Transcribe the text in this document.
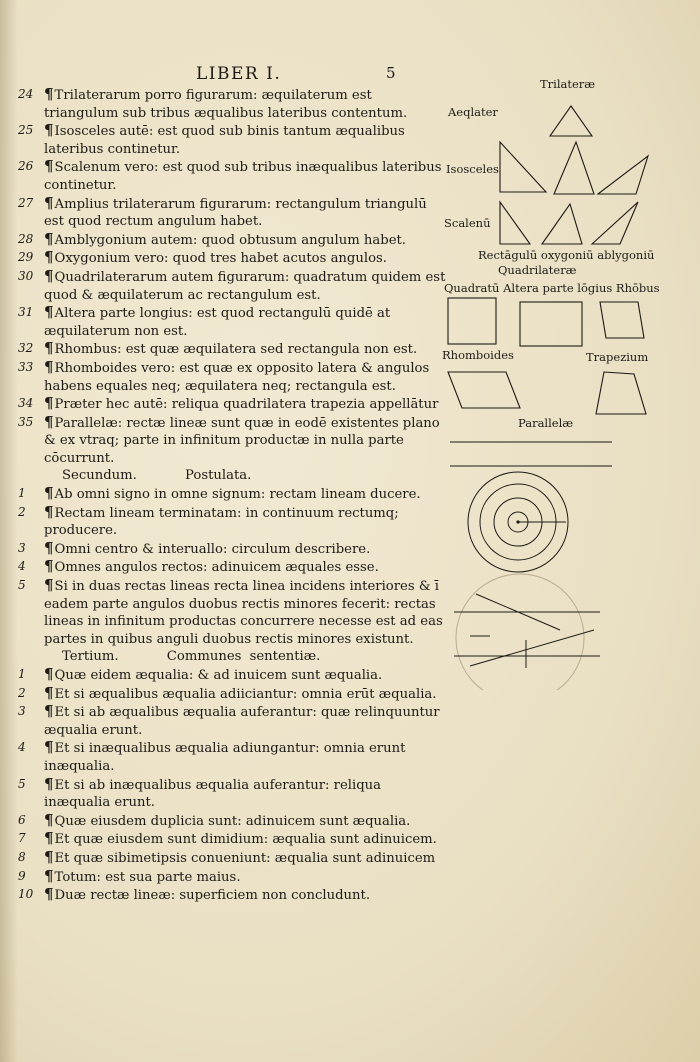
LIBER I.	5
24 ¶Trilaterarum porro figurarum: æquilaterum est triangulum sub tribus æqualibus lateribus contentum.
25 ¶Isosceles autē: est quod sub binis tantum æqualibus lateribus continetur.
26 ¶Scalenum vero: est quod sub tribus inæqualibus lateribus continetur.
27 ¶Amplius trilaterarum figurarum: rectangulum triangulū est quod rectum angulum habet.
28 ¶Amblygonium autem: quod obtusum angulum habet.
29 ¶Oxygonium vero: quod tres habet acutos angulos.
30 ¶Quadrilaterarum autem figurarum: quadratum quidem est quod & æquilaterum ac rectangulum est.
31 ¶Altera parte longius: est quod rectangulū quidē at æquilaterum non est.
32 ¶Rhombus: est quæ æquilatera sed rectangula non est.
33 ¶Rhomboides vero: est quæ ex opposito latera & angulos habens equales neq; æquilatera neq; rectangula est.
34 ¶Præter hec autē: reliqua quadrilatera trapezia appellātur
35 ¶Parallelæ: rectæ lineæ sunt quæ in eodē existentes plano & ex vtraq; parte in infinitum productæ in nulla parte cōcurrunt.
Secundum.	Postulata.
1	¶Ab omni signo in omne signum: rectam lineam ducere.
2	¶Rectam lineam terminatam: in continuum rectumq; producere.
3	¶Omni centro & interuallo: circulum describere.
4	¶Omnes angulos rectos: adinuicem æquales esse.
5	¶Si in duas rectas lineas recta linea incidens interiores & ī eadem parte angulos duobus rectis minores fecerit: rectas lineas in infinitum productas concurrere necesse est ad eas partes in quibus anguli duobus rectis minores existunt.
Tertium.	Communes sententiæ.
1	¶Quæ eidem æqualia: & ad inuicem sunt æqualia.
2	¶Et si æqualibus æqualia adiiciantur: omnia erūt æqualia.
3	¶Et si ab æqualibus æqualia auferantur: quæ relinquuntur æqualia erunt.
4	¶Et si inæqualibus æqualia adiungantur: omnia erunt inæqualia.
5	¶Et si ab inæqualibus æqualia auferantur: reliqua inæqualia erunt.
6	¶Quæ eiusdem duplicia sunt: adinuicem sunt æqualia.
7	¶Et quæ eiusdem sunt dimidium: æqualia sunt adinuicem.
8	¶Et quæ sibimetipsis conueniunt: æqualia sunt adinuicem
9	¶Totum: est sua parte maius.
10 ¶Duæ rectæ lineæ: superficiem non concludunt.
Trilateræ
Aeqlater
Isosceles
Scalenū
Rectāgulū oxygoniū ablygoniū
Quadrilateræ
Quadratū Altera parte lōgius Rhōbus
Rhomboides	Trapezium
Parallelæ
